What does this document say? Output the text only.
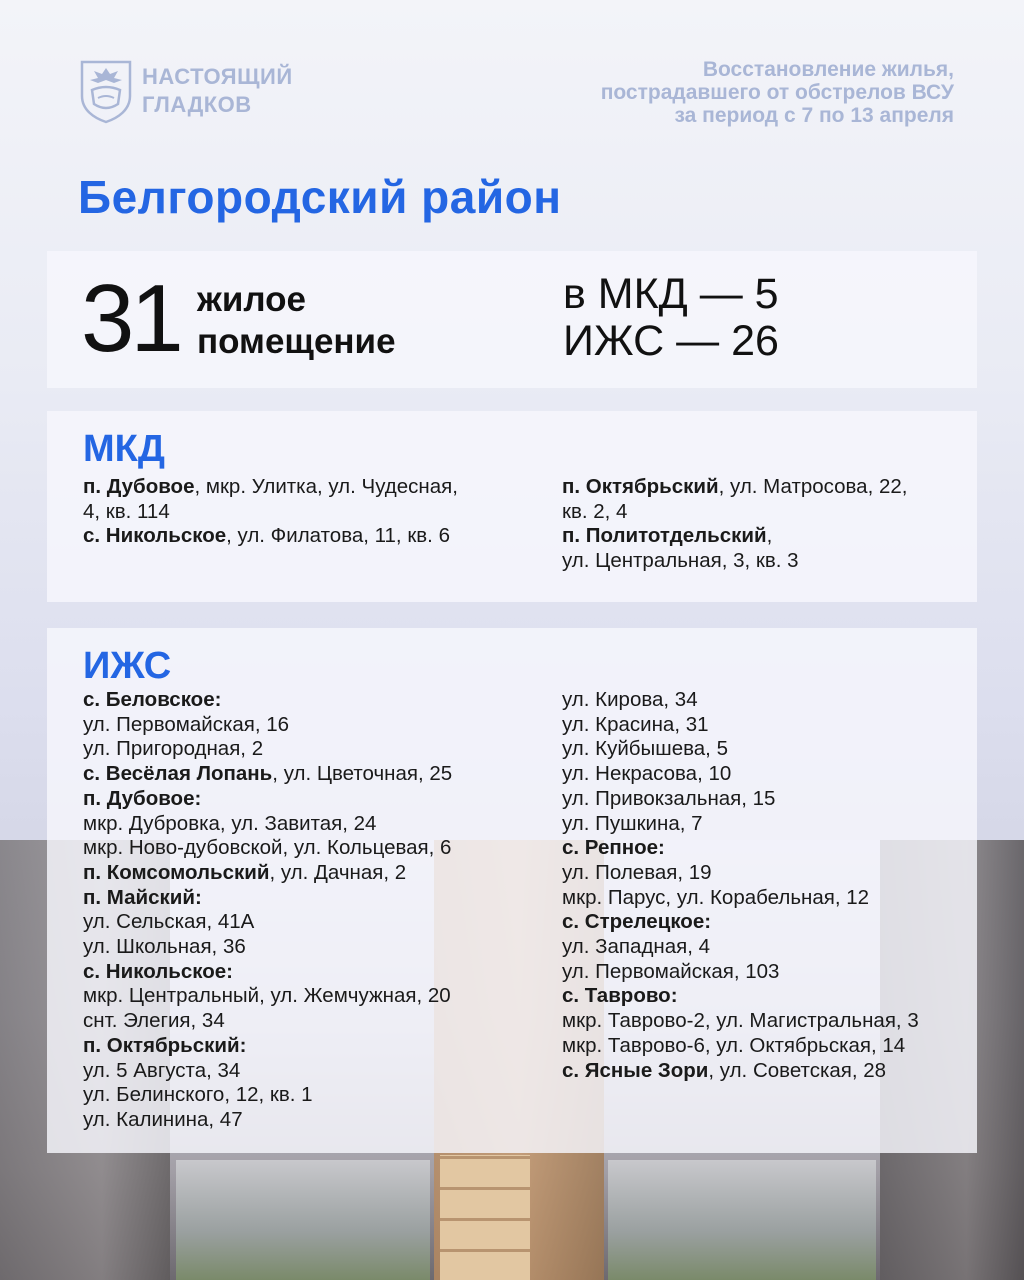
НАСТОЯЩИЙ
ГЛАДКОВ
Восстановление жилья,
пострадавшего от обстрелов ВСУ
за период с 7 по 13 апреля
Белгородский район
31 жилое
помещение
в МКД — 5
ИЖС — 26
МКД
п. Дубовое, мкр. Улитка, ул. Чудесная,
4, кв. 114
с. Никольское, ул. Филатова, 11, кв. 6
п. Октябрьский, ул. Матросова, 22,
кв. 2, 4
п. Политотдельский,
ул. Центральная, 3, кв. 3
ИЖС
с. Беловское:
ул. Первомайская, 16
ул. Пригородная, 2
с. Весёлая Лопань, ул. Цветочная, 25
п. Дубовое:
мкр. Дубровка, ул. Завитая, 24
мкр. Ново-дубовской, ул. Кольцевая, 6
п. Комсомольский, ул. Дачная, 2
п. Майский:
ул. Сельская, 41А
ул. Школьная, 36
с. Никольское:
мкр. Центральный, ул. Жемчужная, 20
снт. Элегия, 34
п. Октябрьский:
ул. 5 Августа, 34
ул. Белинского, 12, кв. 1
ул. Калинина, 47
ул. Кирова, 34
ул. Красина, 31
ул. Куйбышева, 5
ул. Некрасова, 10
ул. Привокзальная, 15
ул. Пушкина, 7
с. Репное:
ул. Полевая, 19
мкр. Парус, ул. Корабельная, 12
с. Стрелецкое:
ул. Западная, 4
ул. Первомайская, 103
с. Таврово:
мкр. Таврово-2, ул. Магистральная, 3
мкр. Таврово-6, ул. Октябрьская, 14
с. Ясные Зори, ул. Советская, 28
